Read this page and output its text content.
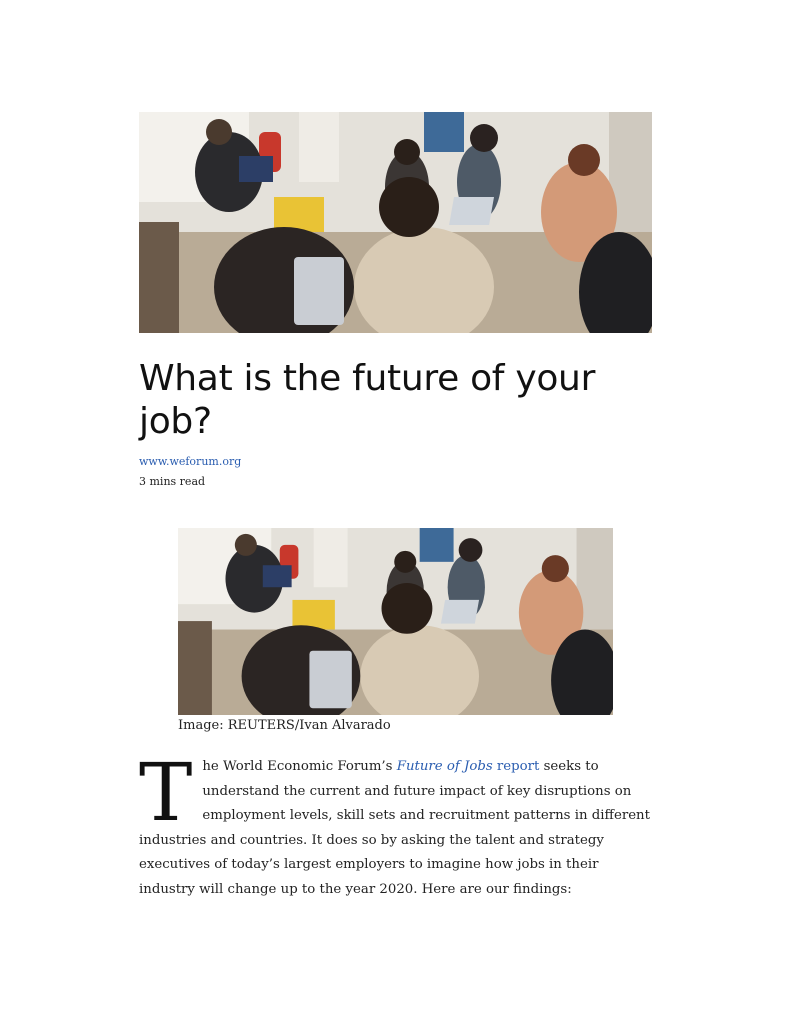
What is the future of your job?
www.weforum.org
3 mins read
Image: REUTERS/Ivan Alvarado

The World Economic Forum’s Future of Jobs report seeks to understand the current and future impact of key disruptions on employment levels, skill sets and recruitment patterns in different industries and countries. It does so by asking the talent and strategy executives of today’s largest employers to imagine how jobs in their industry will change up to the year 2020. Here are our findings:
